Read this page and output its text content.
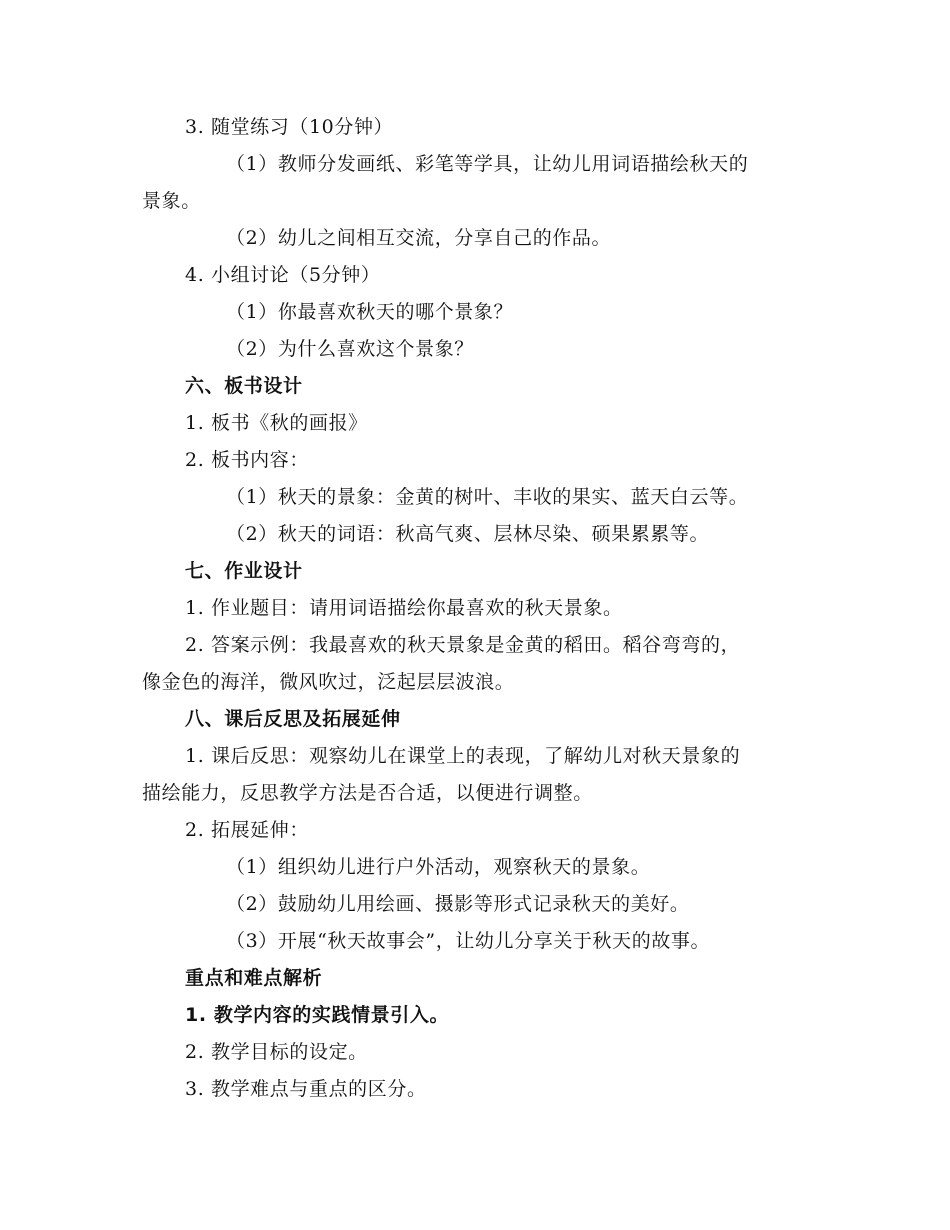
3. 随堂练习（10分钟）
（1）教师分发画纸、彩笔等学具，让幼儿用词语描绘秋天的
景象。
（2）幼儿之间相互交流，分享自己的作品。
4. 小组讨论（5分钟）
（1）你最喜欢秋天的哪个景象？
（2）为什么喜欢这个景象？
六、板书设计
1. 板书《秋的画报》
2. 板书内容：
（1）秋天的景象：金黄的树叶、丰收的果实、蓝天白云等。
（2）秋天的词语：秋高气爽、层林尽染、硕果累累等。
七、作业设计
1. 作业题目：请用词语描绘你最喜欢的秋天景象。
2. 答案示例：我最喜欢的秋天景象是金黄的稻田。稻谷弯弯的，
像金色的海洋，微风吹过，泛起层层波浪。
八、课后反思及拓展延伸
1. 课后反思：观察幼儿在课堂上的表现，了解幼儿对秋天景象的
描绘能力，反思教学方法是否合适，以便进行调整。
2. 拓展延伸：
（1）组织幼儿进行户外活动，观察秋天的景象。
（2）鼓励幼儿用绘画、摄影等形式记录秋天的美好。
（3）开展“秋天故事会”，让幼儿分享关于秋天的故事。
重点和难点解析
1. 教学内容的实践情景引入。
2. 教学目标的设定。
3. 教学难点与重点的区分。
